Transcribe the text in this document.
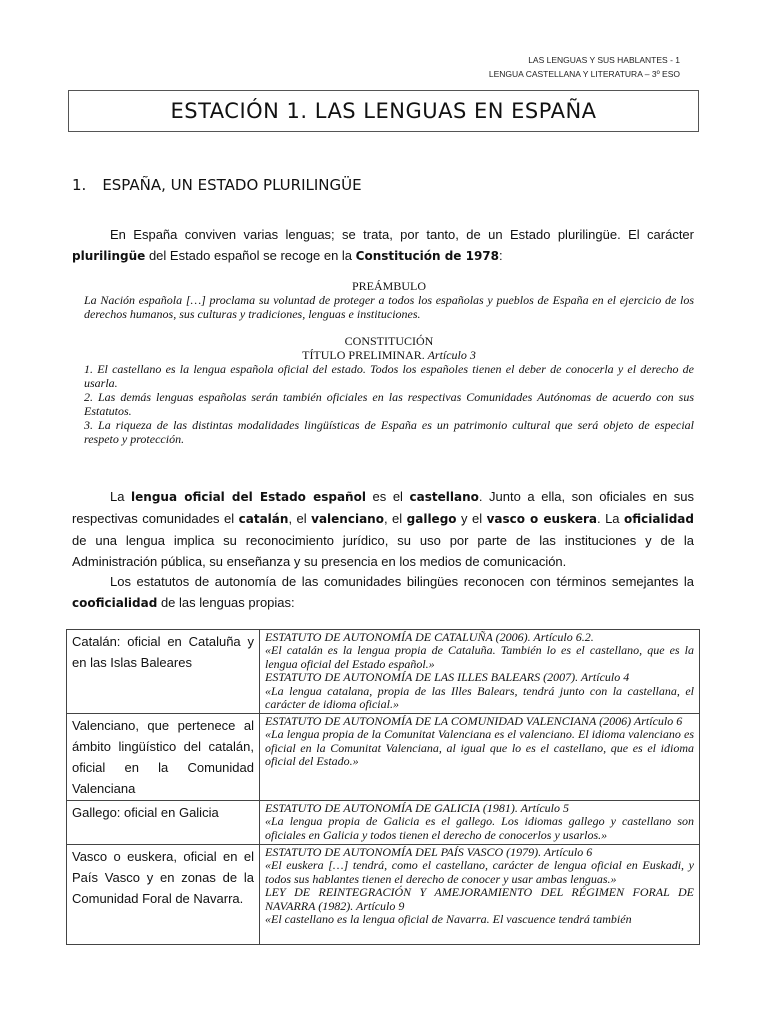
LAS LENGUAS Y SUS HABLANTES - 1
LENGUA CASTELLANA Y LITERATURA – 3º ESO
ESTACIÓN 1. LAS LENGUAS EN ESPAÑA
1. ESPAÑA, UN ESTADO PLURILINGÜE
En España conviven varias lenguas; se trata, por tanto, de un Estado plurilingüe. El carácter plurilingüe del Estado español se recoge en la Constitución de 1978:
PREÁMBULO
La Nación española […] proclama su voluntad de proteger a todos los españolas y pueblos de España en el ejercicio de los derechos humanos, sus culturas y tradiciones, lenguas e instituciones.
CONSTITUCIÓN
TÍTULO PRELIMINAR. Artículo 3
1. El castellano es la lengua española oficial del estado. Todos los españoles tienen el deber de conocerla y el derecho de usarla.
2. Las demás lenguas españolas serán también oficiales en las respectivas Comunidades Autónomas de acuerdo con sus Estatutos.
3. La riqueza de las distintas modalidades lingüísticas de España es un patrimonio cultural que será objeto de especial respeto y protección.
La lengua oficial del Estado español es el castellano. Junto a ella, son oficiales en sus respectivas comunidades el catalán, el valenciano, el gallego y el vasco o euskera. La oficialidad de una lengua implica su reconocimiento jurídico, su uso por parte de las instituciones y de la Administración pública, su enseñanza y su presencia en los medios de comunicación.
Los estatutos de autonomía de las comunidades bilingües reconocen con términos semejantes la cooficialidad de las lenguas propias:
Catalán: oficial en Cataluña y en las Islas Baleares	ESTATUTO DE AUTONOMÍA DE CATALUÑA (2006). Artículo 6.2.
«El catalán es la lengua propia de Cataluña. También lo es el castellano, que es la lengua oficial del Estado español.»
ESTATUTO DE AUTONOMÍA DE LAS ILLES BALEARS (2007). Artículo 4
«La lengua catalana, propia de las Illes Balears, tendrá junto con la castellana, el carácter de idioma oficial.»

Valenciano, que pertenece al ámbito lingüístico del catalán, oficial en la Comunidad Valenciana	ESTATUTO DE AUTONOMÍA DE LA COMUNIDAD VALENCIANA (2006) Artículo 6
«La lengua propia de la Comunitat Valenciana es el valenciano. El idioma valenciano es oficial en la Comunitat Valenciana, al igual que lo es el castellano, que es el idioma oficial del Estado.»

Gallego: oficial en Galicia	ESTATUTO DE AUTONOMÍA DE GALICIA (1981). Artículo 5
«La lengua propia de Galicia es el gallego. Los idiomas gallego y castellano son oficiales en Galicia y todos tienen el derecho de conocerlos y usarlos.»

Vasco o euskera, oficial en el País Vasco y en zonas de la Comunidad Foral de Navarra.	ESTATUTO DE AUTONOMÍA DEL PAÍS VASCO (1979). Artículo 6
«El euskera […] tendrá, como el castellano, carácter de lengua oficial en Euskadi, y todos sus hablantes tienen el derecho de conocer y usar ambas lenguas.»
LEY DE REINTEGRACIÓN Y AMEJORAMIENTO DEL RÉGIMEN FORAL DE NAVARRA (1982). Artículo 9
«El castellano es la lengua oficial de Navarra. El vascuence tendrá también
